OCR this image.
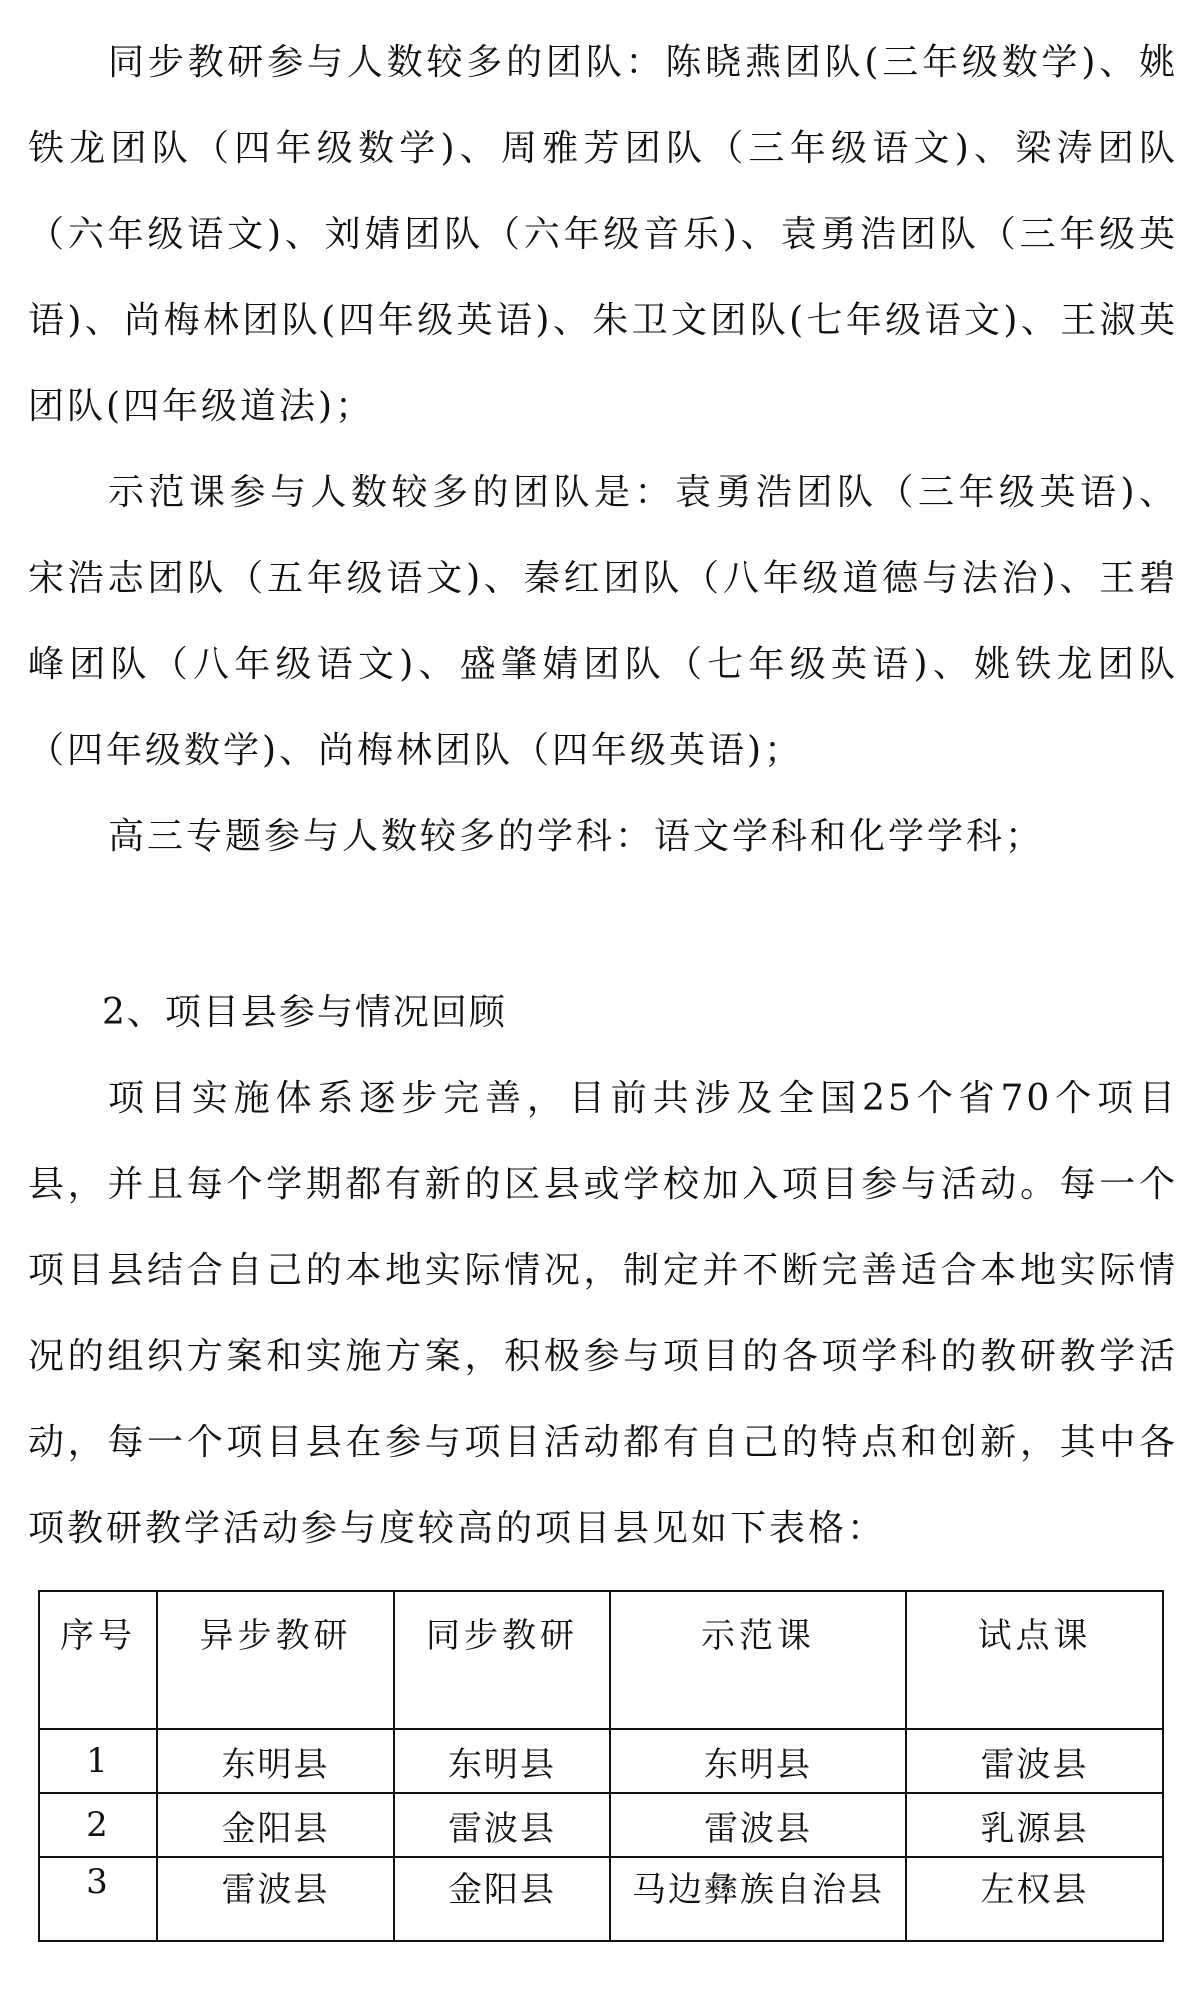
同步教研参与人数较多的团队：陈晓燕团队(三年级数学)、姚铁龙团队（四年级数学)、周雅芳团队（三年级语文)、梁涛团队（六年级语文)、刘婧团队（六年级音乐)、袁勇浩团队（三年级英语)、尚梅林团队(四年级英语)、朱卫文团队(七年级语文)、王淑英团队(四年级道法)；

示范课参与人数较多的团队是：袁勇浩团队（三年级英语)、宋浩志团队（五年级语文)、秦红团队（八年级道德与法治)、王碧峰团队（八年级语文)、盛肇婧团队（七年级英语)、姚铁龙团队（四年级数学)、尚梅林团队（四年级英语)；

高三专题参与人数较多的学科：语文学科和化学学科；

2、项目县参与情况回顾

项目实施体系逐步完善，目前共涉及全国25个省70个项目县，并且每个学期都有新的区县或学校加入项目参与活动。每一个项目县结合自己的本地实际情况，制定并不断完善适合本地实际情况的组织方案和实施方案，积极参与项目的各项学科的教研教学活动，每一个项目县在参与项目活动都有自己的特点和创新，其中各项教研教学活动参与度较高的项目县见如下表格：

序号	异步教研	同步教研	示范课	试点课
1	东明县	东明县	东明县	雷波县
2	金阳县	雷波县	雷波县	乳源县
3	雷波县	金阳县	马边彝族自治县	左权县
